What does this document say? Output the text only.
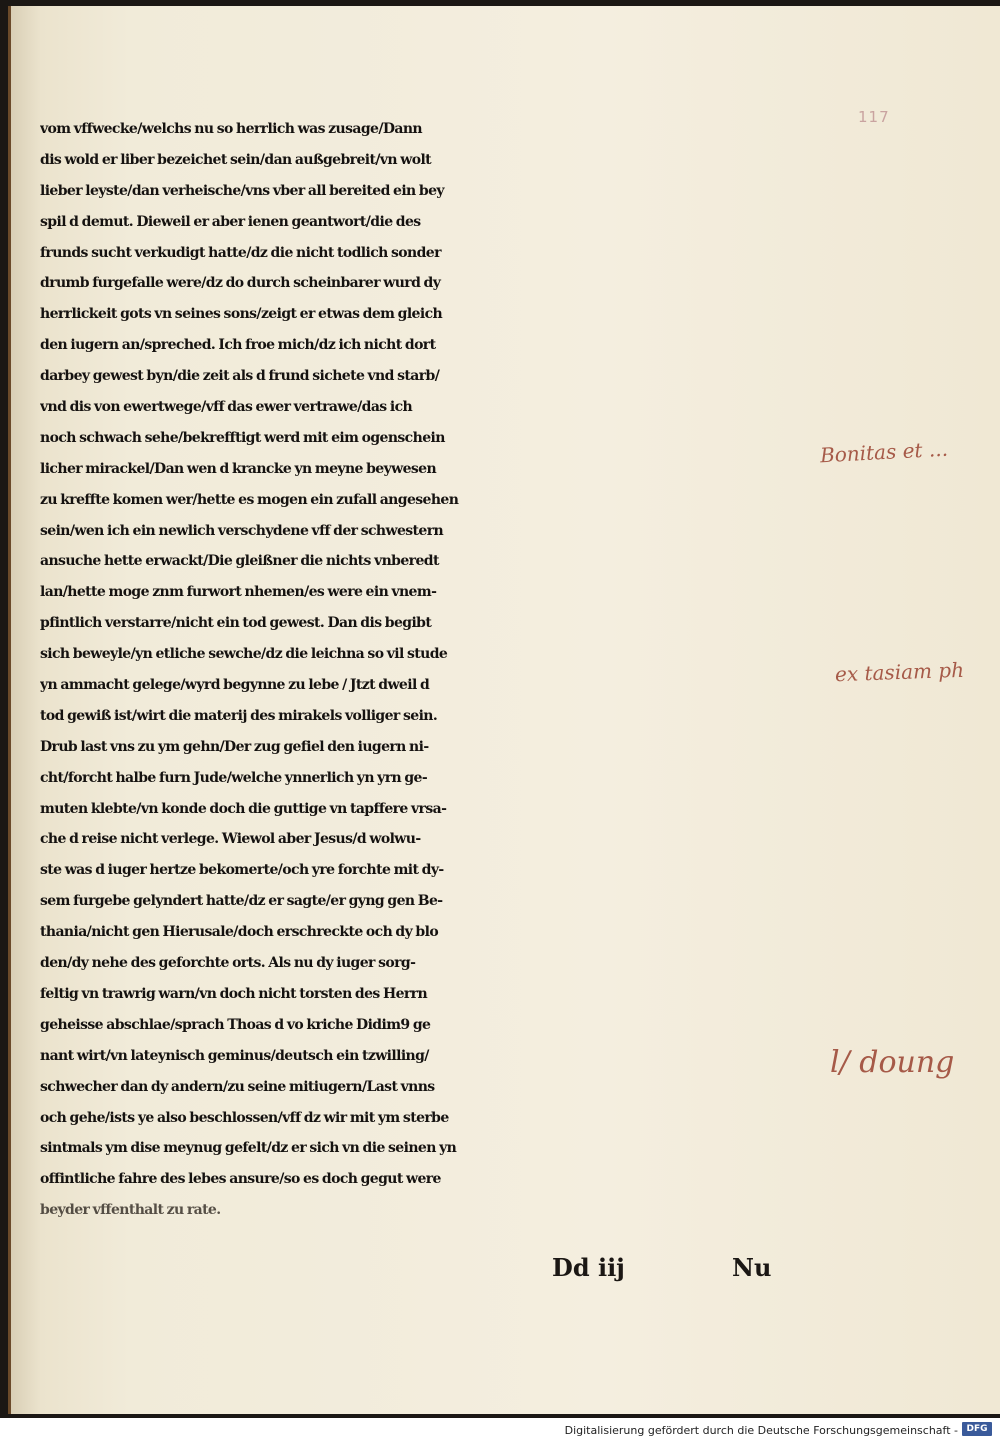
117
vom vffwecke/welchs nu so herrlich was zusage/Dann
dis wold er liber bezeichet sein/dan außgebreit/vn wolt
lieber leyste/dan verheische/vns vber all bereited ein bey
spil d demut. Dieweil er aber ienen geantwort/die des
frunds sucht verkudigt hatte/dz die nicht todlich sonder
drumb furgefalle were/dz do durch scheinbarer wurd dy
herrlickeit gots vn seines sons/zeigt er etwas dem gleich
den iugern an/spreched. Ich froe mich/dz ich nicht dort
darbey gewest byn/die zeit als d frund sichete vnd starb/
vnd dis von ewertwege/vff das ewer vertrawe/das ich
noch schwach sehe/bekrefftigt werd mit eim ogenschein
licher mirackel/Dan wen d krancke yn meyne beywesen
zu kreffte komen wer/hette es mogen ein zufall angesehen
sein/wen ich ein newlich verschydene vff der schwestern
ansuche hette erwackt/Die gleißner die nichts vnberedt
lan/hette moge znm furwort nhemen/es were ein vnem-
pfintlich verstarre/nicht ein tod gewest. Dan dis begibt
sich beweyle/yn etliche sewche/dz die leichna so vil stude
yn ammacht gelege/wyrd begynne zu lebe / Jtzt dweil d
tod gewiß ist/wirt die materij des mirakels volliger sein.
Drub last vns zu ym gehn/Der zug gefiel den iugern ni-
cht/forcht halbe furn Jude/welche ynnerlich yn yrn ge-
muten klebte/vn konde doch die guttige vn tapffere vrsa-
che d reise nicht verlege. Wiewol aber Jesus/d wolwu-
ste was d iuger hertze bekomerte/och yre forchte mit dy-
sem furgebe gelyndert hatte/dz er sagte/er gyng gen Be-
thania/nicht gen Hierusale/doch erschreckte och dy blo
den/dy nehe des geforchte orts. Als nu dy iuger sorg-
feltig vn trawrig warn/vn doch nicht torsten des Herrn
geheisse abschlae/sprach Thoas d vo kriche Didim9 ge
nant wirt/vn lateynisch geminus/deutsch ein tzwilling/
schwecher dan dy andern/zu seine mitiugern/Last vnns
och gehe/ists ye also beschlossen/vff dz wir mit ym sterbe
sintmals ym dise meynug gefelt/dz er sich vn die seinen yn
offintliche fahre des lebes ansure/so es doch gegut were
beyder vffenthalt zu rate.
Dd iij	Nu
Bonitas et ...
ex tasiam ph
l/ doung
Digitalisierung gefördert durch die Deutsche Forschungsgemeinschaft - DFG
